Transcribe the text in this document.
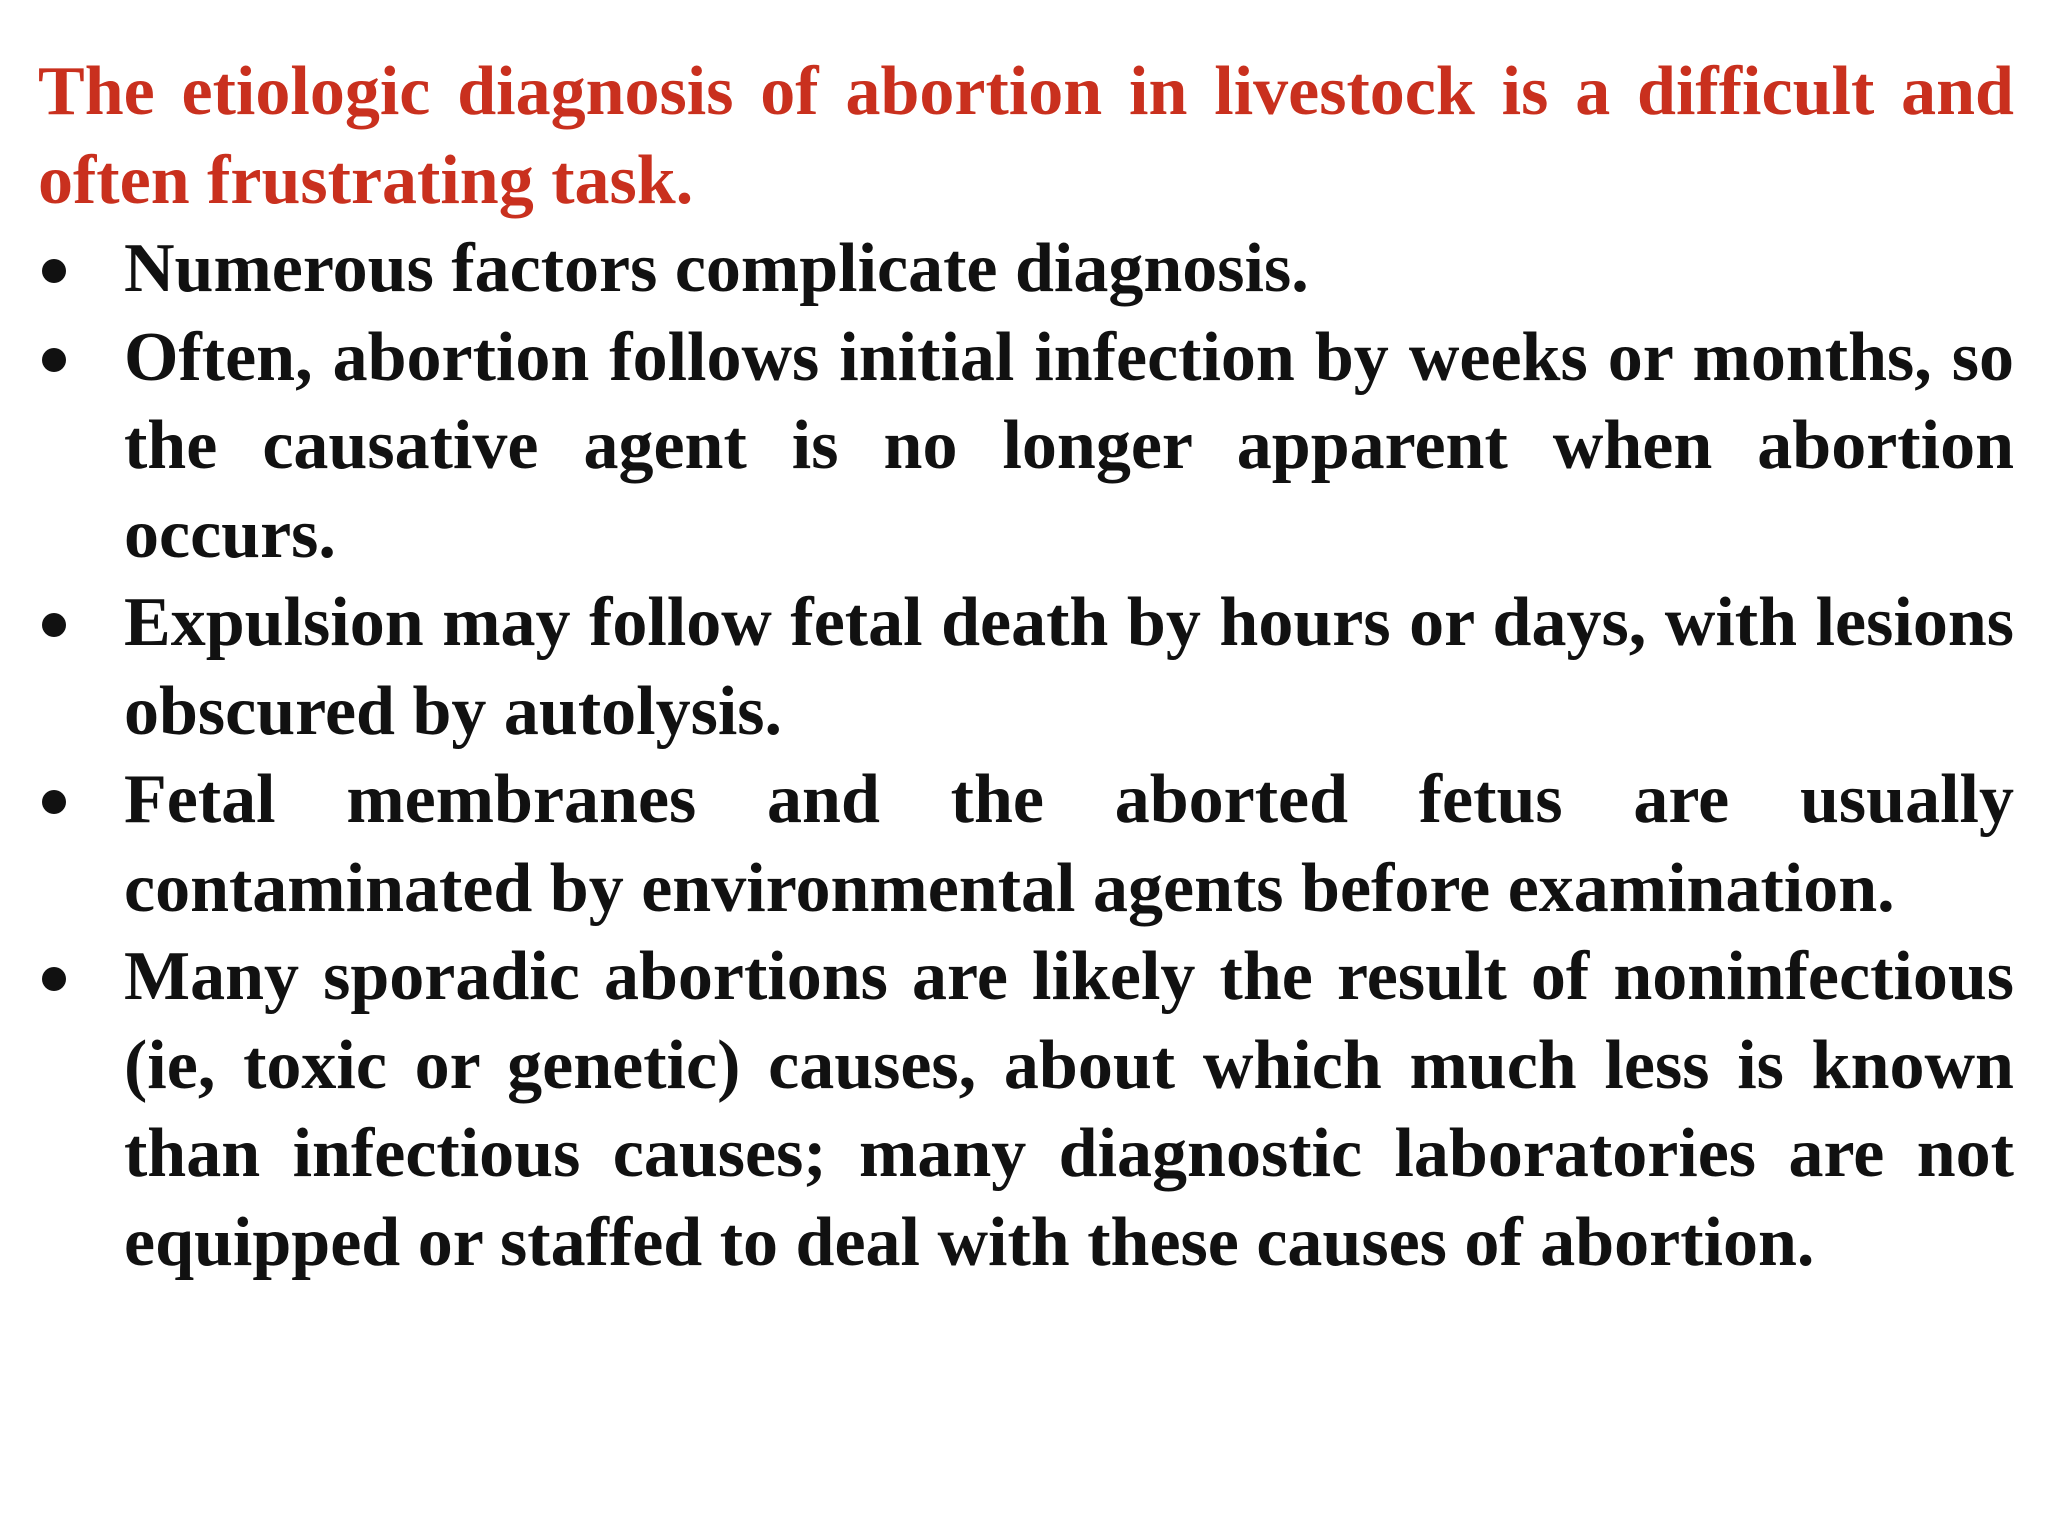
The etiologic diagnosis of abortion in livestock is a difficult and often frustrating task.

Numerous factors complicate diagnosis.
Often, abortion follows initial infection by weeks or months, so the causative agent is no longer apparent when abortion occurs.
Expulsion may follow fetal death by hours or days, with lesions obscured by autolysis.
Fetal membranes and the aborted fetus are usually contaminated by environmental agents before examination.
Many sporadic abortions are likely the result of noninfectious (ie, toxic or genetic) causes, about which much less is known than infectious causes; many diagnostic laboratories are not equipped or staffed to deal with these causes of abortion.
